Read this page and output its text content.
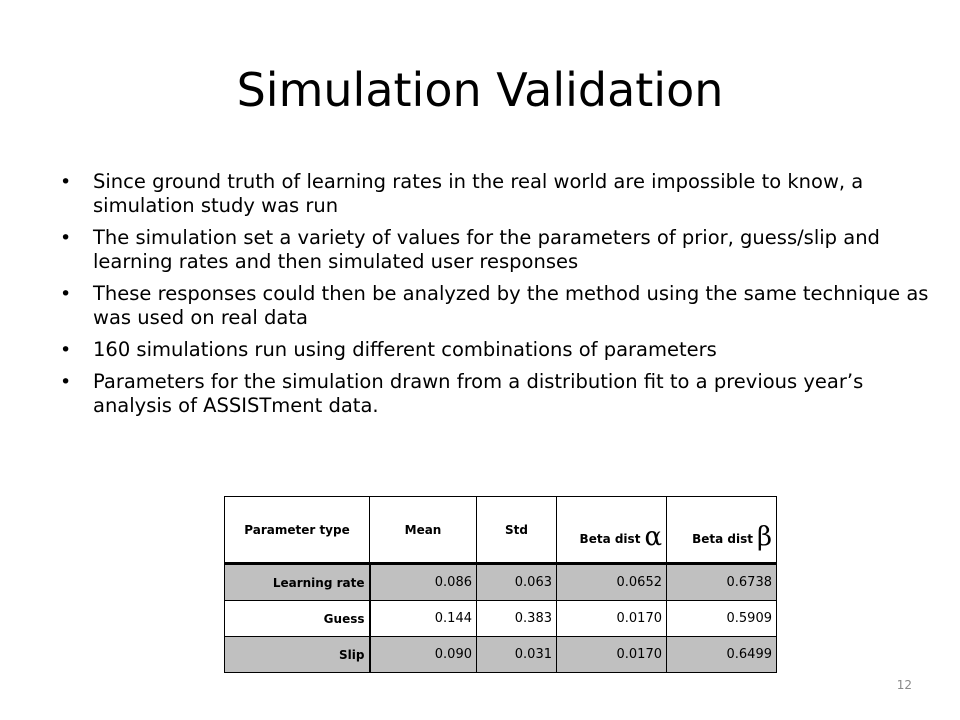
Simulation Validation
• Since ground truth of learning rates in the real world are impossible to know, a simulation study was run
• The simulation set a variety of values for the parameters of prior, guess/slip and learning rates and then simulated user responses
• These responses could then be analyzed by the method using the same technique as was used on real data
• 160 simulations run using different combinations of parameters
• Parameters for the simulation drawn from a distribution fit to a previous year’s analysis of ASSISTment data.
Parameter type	Mean	Std	Beta dist α	Beta dist β
Learning rate	0.086	0.063	0.0652	0.6738
Guess	0.144	0.383	0.0170	0.5909
Slip	0.090	0.031	0.0170	0.6499
12
